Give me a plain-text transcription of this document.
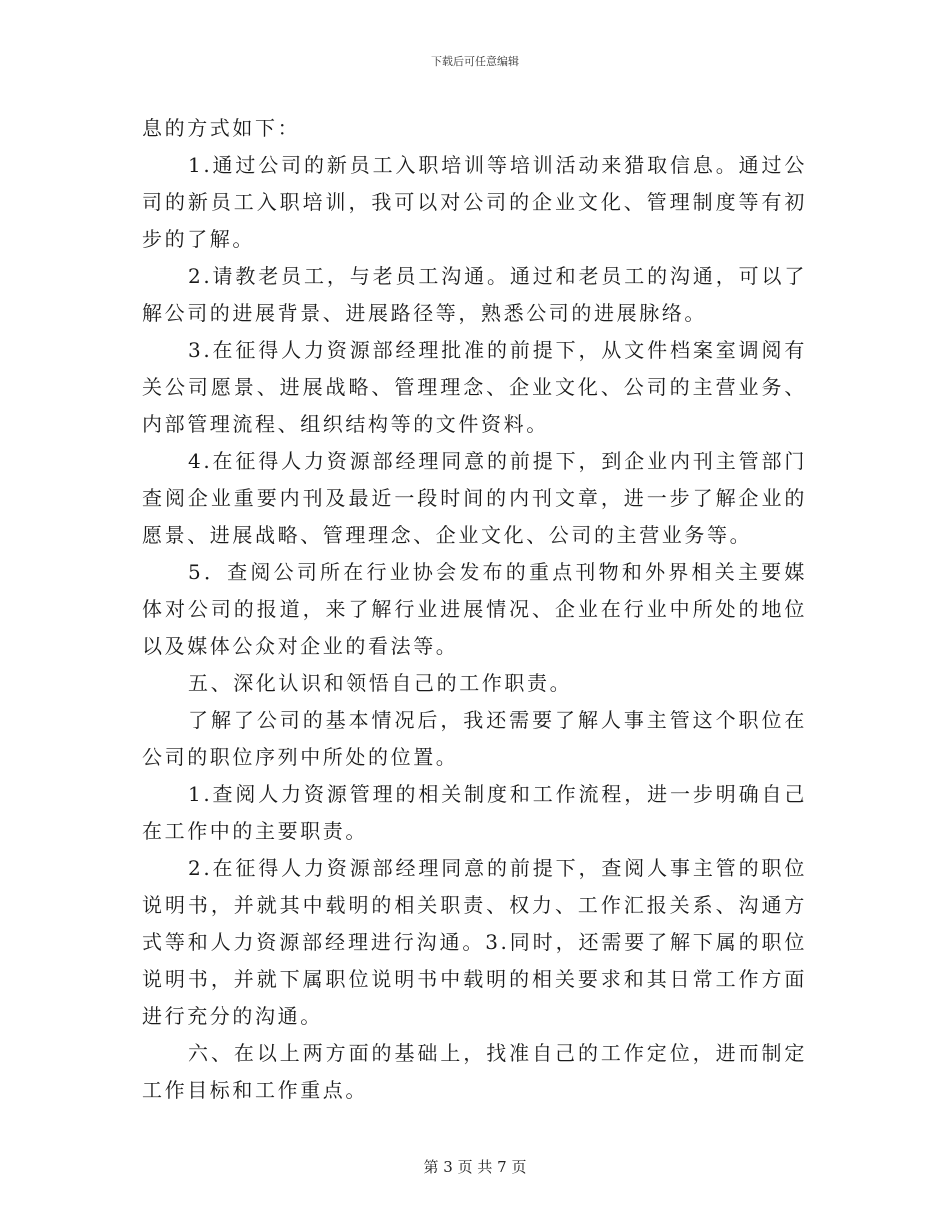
下载后可任意编辑

息的方式如下：

1.通过公司的新员工入职培训等培训活动来猎取信息。通过公司的新员工入职培训，我可以对公司的企业文化、管理制度等有初步的了解。

2.请教老员工，与老员工沟通。通过和老员工的沟通，可以了解公司的进展背景、进展路径等，熟悉公司的进展脉络。

3.在征得人力资源部经理批准的前提下，从文件档案室调阅有关公司愿景、进展战略、管理理念、企业文化、公司的主营业务、内部管理流程、组织结构等的文件资料。

4.在征得人力资源部经理同意的前提下，到企业内刊主管部门查阅企业重要内刊及最近一段时间的内刊文章，进一步了解企业的愿景、进展战略、管理理念、企业文化、公司的主营业务等。

5．查阅公司所在行业协会发布的重点刊物和外界相关主要媒体对公司的报道，来了解行业进展情况、企业在行业中所处的地位以及媒体公众对企业的看法等。

五、深化认识和领悟自己的工作职责。

了解了公司的基本情况后，我还需要了解人事主管这个职位在公司的职位序列中所处的位置。

1.查阅人力资源管理的相关制度和工作流程，进一步明确自己在工作中的主要职责。

2.在征得人力资源部经理同意的前提下，查阅人事主管的职位说明书，并就其中载明的相关职责、权力、工作汇报关系、沟通方式等和人力资源部经理进行沟通。3.同时，还需要了解下属的职位说明书，并就下属职位说明书中载明的相关要求和其日常工作方面进行充分的沟通。

六、在以上两方面的基础上，找准自己的工作定位，进而制定工作目标和工作重点。

第 3 页 共 7 页
